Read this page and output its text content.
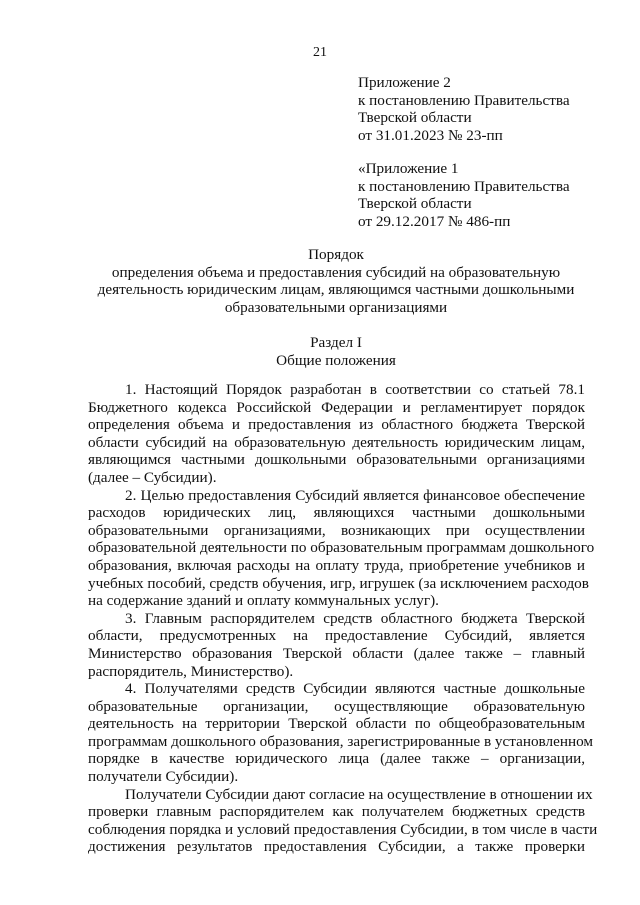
21
Приложение 2
к постановлению Правительства
Тверской области
от 31.01.2023 № 23-пп
«Приложение 1
к постановлению Правительства
Тверской области
от 29.12.2017 № 486-пп
Порядок
определения объема и предоставления субсидий на образовательную
деятельность юридическим лицам, являющимся частными дошкольными
образовательными организациями
Раздел I
Общие положения
1. Настоящий Порядок разработан в соответствии со статьей 78.1
Бюджетного кодекса Российской Федерации и регламентирует порядок
определения объема и предоставления из областного бюджета Тверской
области субсидий на образовательную деятельность юридическим лицам,
являющимся частными дошкольными образовательными организациями
(далее – Субсидии).
2. Целью предоставления Субсидий является финансовое обеспечение
расходов юридических лиц, являющихся частными дошкольными
образовательными организациями, возникающих при осуществлении
образовательной деятельности по образовательным программам дошкольного
образования, включая расходы на оплату труда, приобретение учебников и
учебных пособий, средств обучения, игр, игрушек (за исключением расходов
на содержание зданий и оплату коммунальных услуг).
3. Главным распорядителем средств областного бюджета Тверской
области, предусмотренных на предоставление Субсидий, является
Министерство образования Тверской области (далее также – главный
распорядитель, Министерство).
4. Получателями средств Субсидии являются частные дошкольные
образовательные организации, осуществляющие образовательную
деятельность на территории Тверской области по общеобразовательным
программам дошкольного образования, зарегистрированные в установленном
порядке в качестве юридического лица (далее также – организации,
получатели Субсидии).
Получатели Субсидии дают согласие на осуществление в отношении их
проверки главным распорядителем как получателем бюджетных средств
соблюдения порядка и условий предоставления Субсидии, в том числе в части
достижения результатов предоставления Субсидии, а также проверки
